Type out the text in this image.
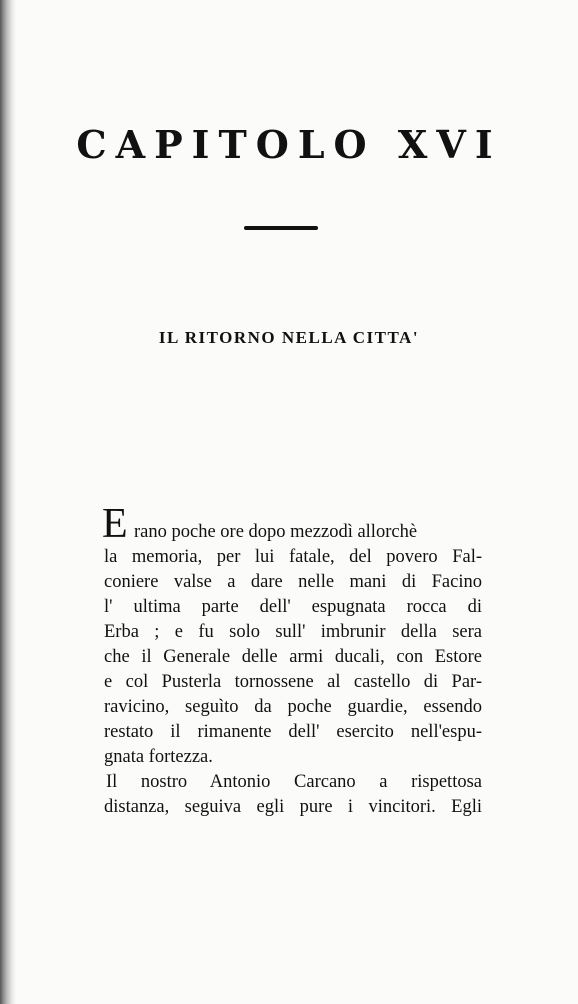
CAPITOLO XVI
IL RITORNO NELLA CITTA'
E rano poche ore dopo mezzodì allorchè
la memoria, per lui fatale, del povero Fal-
coniere valse a dare nelle mani di Facino
l' ultima parte dell' espugnata rocca di
Erba ; e fu solo sull' imbrunir della sera
che il Generale delle armi ducali, con Estore
e col Pusterla tornossene al castello di Par-
ravicino, seguìto da poche guardie, essendo
restato il rimanente dell' esercito nell'espu-
gnata fortezza.
Il nostro Antonio Carcano a rispettosa
distanza, seguiva egli pure i vincitori. Egli
